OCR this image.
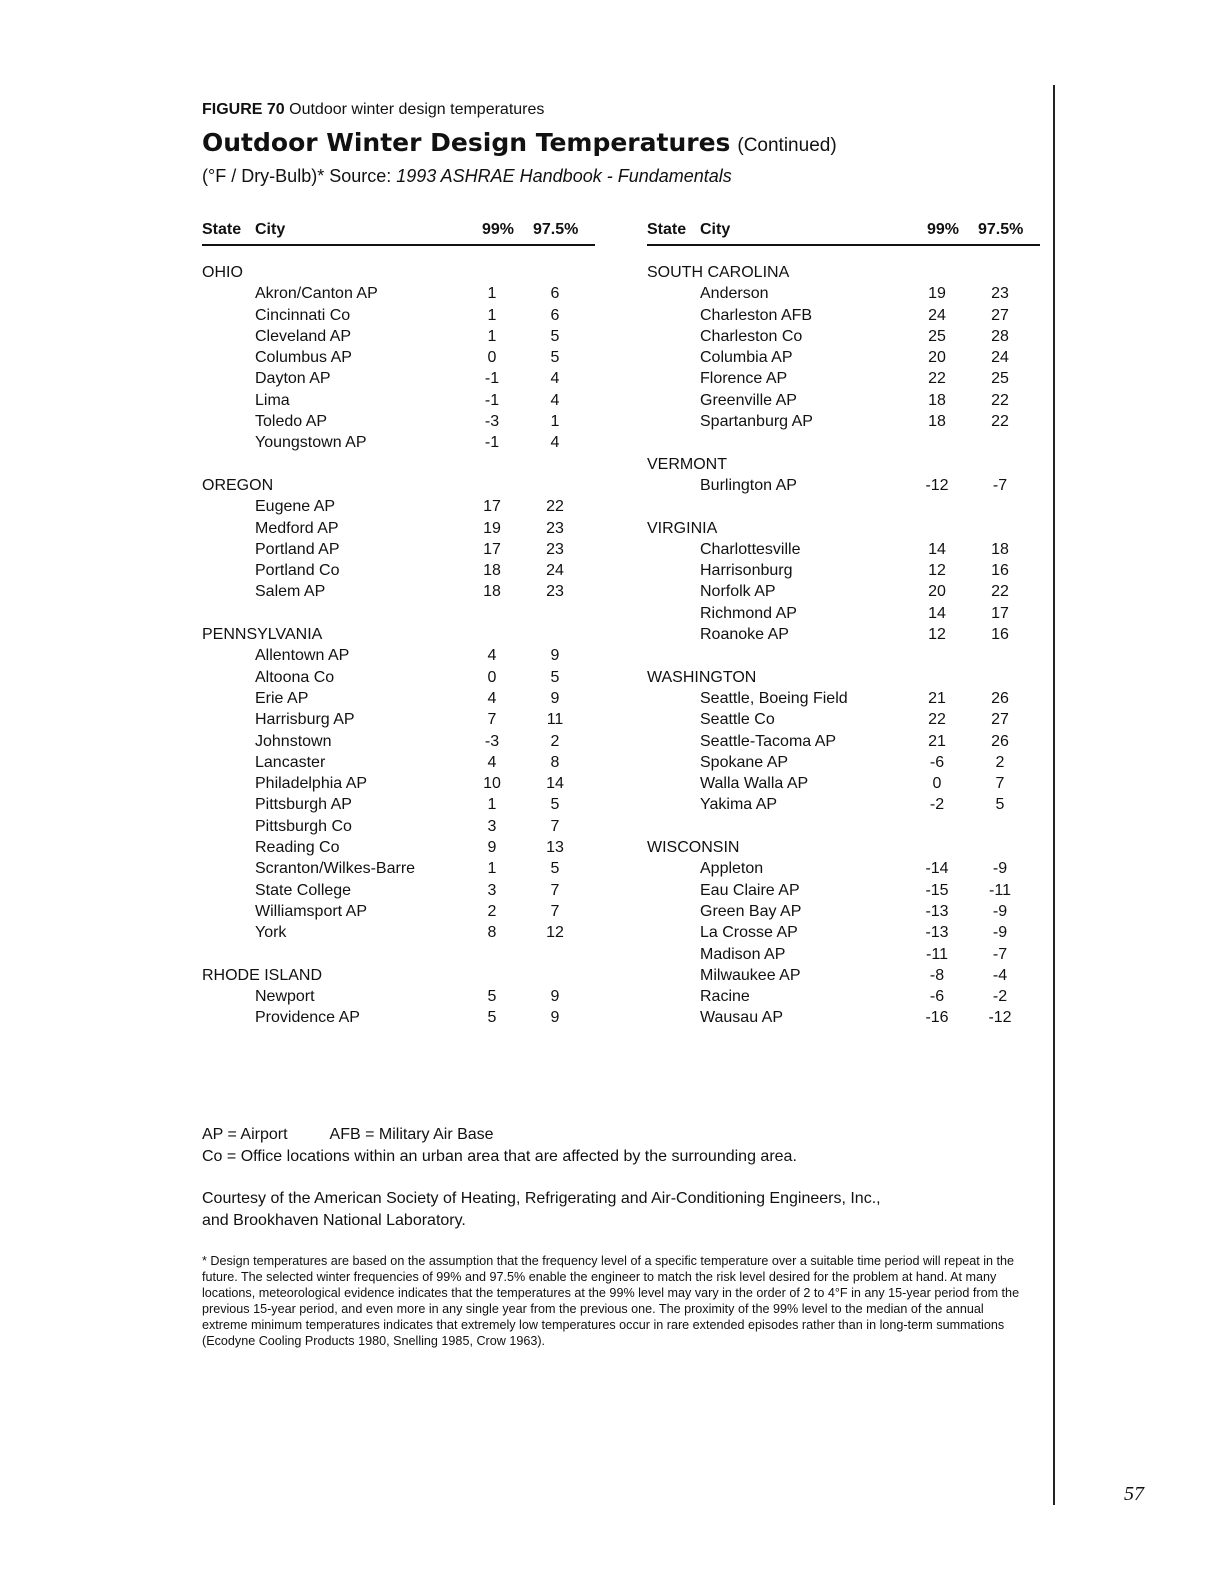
FIGURE 70 Outdoor winter design temperatures
Outdoor Winter Design Temperatures (Continued)
(°F / Dry-Bulb)* Source: 1993 ASHRAE Handbook - Fundamentals
State City	99% 97.5%
OHIO
Akron/Canton AP	1	6
Cincinnati Co	1	6
Cleveland AP	1	5
Columbus AP	0	5
Dayton AP	-1	4
Lima	-1	4
Toledo AP	-3	1
Youngstown AP	-1	4
OREGON
Eugene AP	17	22
Medford AP	19	23
Portland AP	17	23
Portland Co	18	24
Salem AP	18	23
PENNSYLVANIA
Allentown AP	4	9
Altoona Co	0	5
Erie AP	4	9
Harrisburg AP	7	11
Johnstown	-3	2
Lancaster	4	8
Philadelphia AP	10	14
Pittsburgh AP	1	5
Pittsburgh Co	3	7
Reading Co	9	13
Scranton/Wilkes-Barre	1	5
State College	3	7
Williamsport AP	2	7
York	8	12
RHODE ISLAND
Newport	5	9
Providence AP	5	9
State City	99% 97.5%
SOUTH CAROLINA
Anderson	19	23
Charleston AFB	24	27
Charleston Co	25	28
Columbia AP	20	24
Florence AP	22	25
Greenville AP	18	22
Spartanburg AP	18	22
VERMONT
Burlington AP	-12	-7
VIRGINIA
Charlottesville	14	18
Harrisonburg	12	16
Norfolk AP	20	22
Richmond AP	14	17
Roanoke AP	12	16
WASHINGTON
Seattle, Boeing Field	21	26
Seattle Co	22	27
Seattle-Tacoma AP	21	26
Spokane AP	-6	2
Walla Walla AP	0	7
Yakima AP	-2	5
WISCONSIN
Appleton	-14	-9
Eau Claire AP	-15	-11
Green Bay AP	-13	-9
La Crosse AP	-13	-9
Madison AP	-11	-7
Milwaukee AP	-8	-4
Racine	-6	-2
Wausau AP	-16	-12
AP = Airport	AFB = Military Air Base
Co = Office locations within an urban area that are affected by the surrounding area.
Courtesy of the American Society of Heating, Refrigerating and Air-Conditioning Engineers, Inc.,
and Brookhaven National Laboratory.
* Design temperatures are based on the assumption that the frequency level of a specific temperature over a suitable time period will repeat in the future. The selected winter frequencies of 99% and 97.5% enable the engineer to match the risk level desired for the problem at hand. At many locations, meteorological evidence indicates that the temperatures at the 99% level may vary in the order of 2 to 4°F in any 15-year period from the previous 15-year period, and even more in any single year from the previous one. The proximity of the 99% level to the median of the annual extreme minimum temperatures indicates that extremely low temperatures occur in rare extended episodes rather than in long-term summations (Ecodyne Cooling Products 1980, Snelling 1985, Crow 1963).
57
